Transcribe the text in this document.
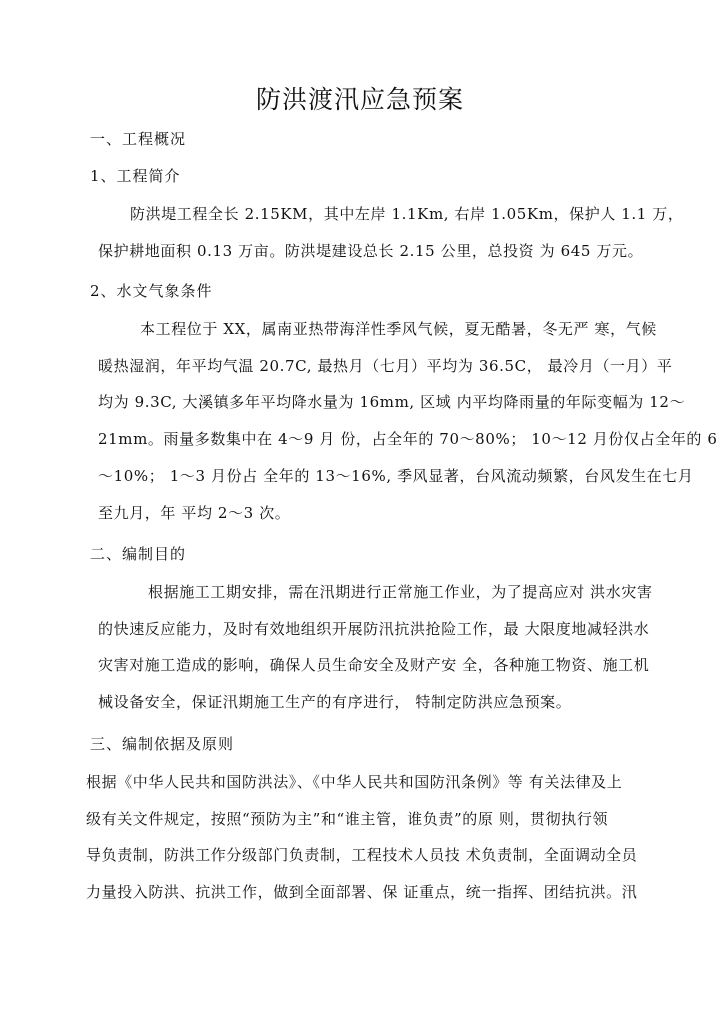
防洪渡汛应急预案
一、工程概况
1、工程简介
防洪堤工程全长 2.15KM，其中左岸 1.1Km, 右岸 1.05Km，保护人 1.1 万，
保护耕地面积 0.13 万亩。防洪堤建设总长 2.15 公里，总投资 为 645 万元。
2、水文气象条件
本工程位于 XX，属南亚热带海洋性季风气候，夏无酷暑，冬无严 寒，气候
暖热湿润，年平均气温 20.7C, 最热月（七月）平均为 36.5C， 最冷月（一月）平
均为 9.3C, 大溪镇多年平均降水量为 16mm, 区域 内平均降雨量的年际变幅为 12〜
21mm。雨量多数集中在 4〜9 月 份，占全年的 70〜80%； 10〜12 月份仅占全年的 6
〜10%； 1〜3 月份占 全年的 13〜16%, 季风显著，台风流动频繁，台风发生在七月
至九月，年 平均 2〜3 次。
二、编制目的
根据施工工期安排，需在汛期进行正常施工作业，为了提高应对 洪水灾害
的快速反应能力，及时有效地组织开展防汛抗洪抢险工作，最 大限度地减轻洪水
灾害对施工造成的影响，确保人员生命安全及财产安 全，各种施工物资、施工机
械设备安全，保证汛期施工生产的有序进行， 特制定防洪应急预案。
三、编制依据及原则
根据《中华人民共和国防洪法》、《中华人民共和国防汛条例》等 有关法律及上
级有关文件规定，按照“预防为主”和“谁主管，谁负责”的原 则，贯彻执行领
导负责制，防洪工作分级部门负责制，工程技术人员技 术负责制，全面调动全员
力量投入防洪、抗洪工作，做到全面部署、保 证重点，统一指挥、团结抗洪。汛
